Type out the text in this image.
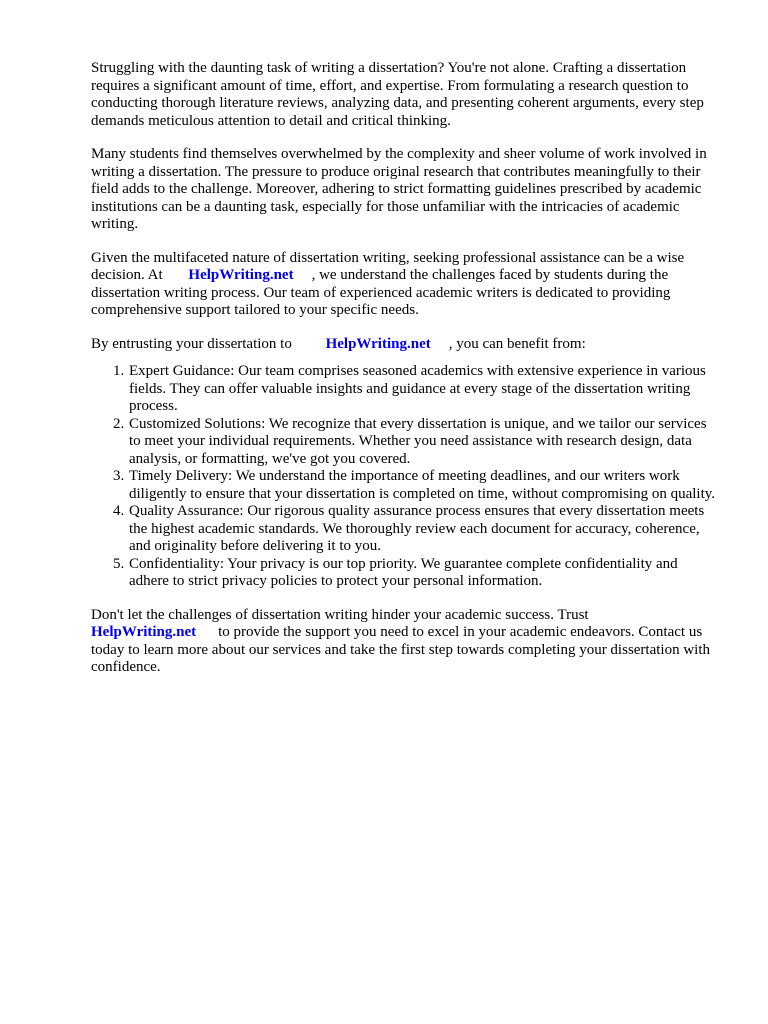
Struggling with the daunting task of writing a dissertation? You're not alone. Crafting a dissertation requires a significant amount of time, effort, and expertise. From formulating a research question to conducting thorough literature reviews, analyzing data, and presenting coherent arguments, every step demands meticulous attention to detail and critical thinking.

Many students find themselves overwhelmed by the complexity and sheer volume of work involved in writing a dissertation. The pressure to produce original research that contributes meaningfully to their field adds to the challenge. Moreover, adhering to strict formatting guidelines prescribed by academic institutions can be a daunting task, especially for those unfamiliar with the intricacies of academic writing.

Given the multifaceted nature of dissertation writing, seeking professional assistance can be a wise decision. At HelpWriting.net , we understand the challenges faced by students during the dissertation writing process. Our team of experienced academic writers is dedicated to providing comprehensive support tailored to your specific needs.

By entrusting your dissertation to HelpWriting.net , you can benefit from:

1. Expert Guidance: Our team comprises seasoned academics with extensive experience in various fields. They can offer valuable insights and guidance at every stage of the dissertation writing process.
2. Customized Solutions: We recognize that every dissertation is unique, and we tailor our services to meet your individual requirements. Whether you need assistance with research design, data analysis, or formatting, we've got you covered.
3. Timely Delivery: We understand the importance of meeting deadlines, and our writers work diligently to ensure that your dissertation is completed on time, without compromising on quality.
4. Quality Assurance: Our rigorous quality assurance process ensures that every dissertation meets the highest academic standards. We thoroughly review each document for accuracy, coherence, and originality before delivering it to you.
5. Confidentiality: Your privacy is our top priority. We guarantee complete confidentiality and adhere to strict privacy policies to protect your personal information.

Don't let the challenges of dissertation writing hinder your academic success. Trust HelpWriting.net to provide the support you need to excel in your academic endeavors. Contact us today to learn more about our services and take the first step towards completing your dissertation with confidence.
